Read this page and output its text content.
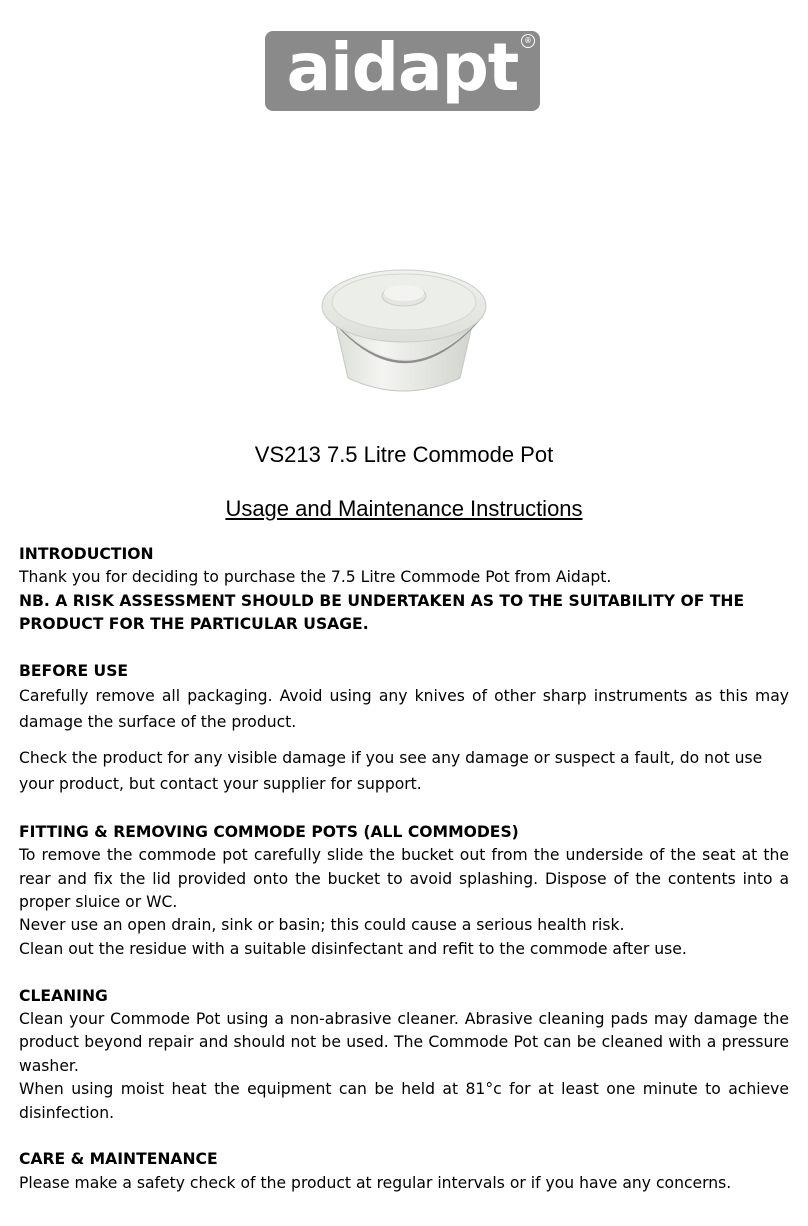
aidapt ®
VS213 7.5 Litre Commode Pot
Usage and Maintenance Instructions

INTRODUCTION

Thank you for deciding to purchase the 7.5 Litre Commode Pot from Aidapt.

NB. A RISK ASSESSMENT SHOULD BE UNDERTAKEN AS TO THE SUITABILITY OF THE PRODUCT FOR THE PARTICULAR USAGE.

BEFORE USE

Carefully remove all packaging. Avoid using any knives of other sharp instruments as this may damage the surface of the product.

Check the product for any visible damage if you see any damage or suspect a fault, do not use your product, but contact your supplier for support.

FITTING & REMOVING COMMODE POTS (ALL COMMODES)

To remove the commode pot carefully slide the bucket out from the underside of the seat at the rear and fix the lid provided onto the bucket to avoid splashing. Dispose of the contents into a proper sluice or WC.

Never use an open drain, sink or basin; this could cause a serious health risk.

Clean out the residue with a suitable disinfectant and refit to the commode after use.

CLEANING

Clean your Commode Pot using a non-abrasive cleaner. Abrasive cleaning pads may damage the product beyond repair and should not be used. The Commode Pot can be cleaned with a pressure washer.

When using moist heat the equipment can be held at 81°c for at least one minute to achieve disinfection.

CARE & MAINTENANCE

Please make a safety check of the product at regular intervals or if you have any concerns.
